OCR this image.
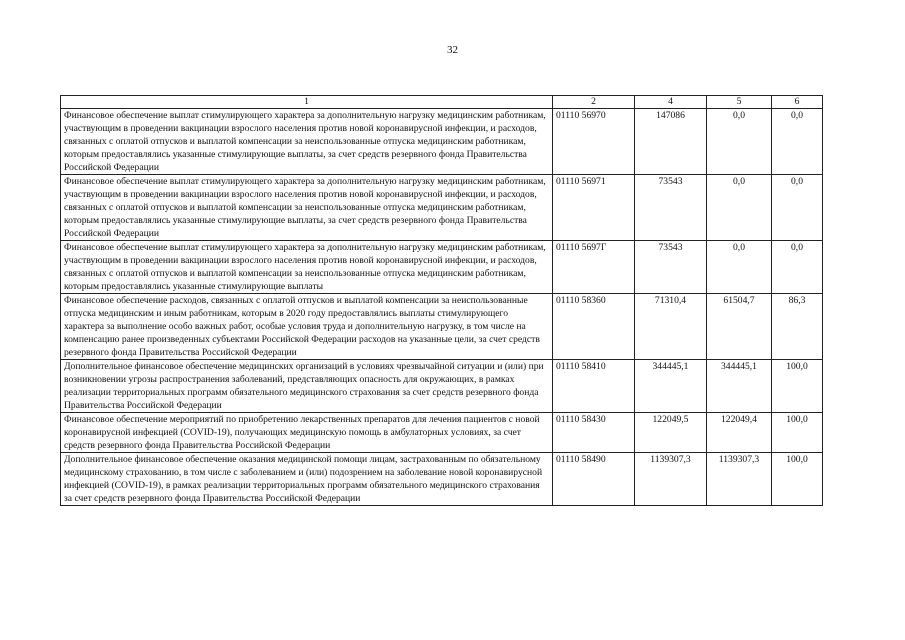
32
1	2	4	5	6
Финансовое обеспечение выплат стимулирующего характера за дополнительную нагрузку медицинским работникам, участвующим в проведении вакцинации взрослого населения против новой коронавирусной инфекции, и расходов, связанных с оплатой отпусков и выплатой компенсации за неиспользованные отпуска медицинским работникам, которым предоставлялись указанные стимулирующие выплаты, за счет средств резервного фонда Правительства Российской Федерации	01110 56970	147086	0,0	0,0
Финансовое обеспечение выплат стимулирующего характера за дополнительную нагрузку медицинским работникам, участвующим в проведении вакцинации взрослого населения против новой коронавирусной инфекции, и расходов, связанных с оплатой отпусков и выплатой компенсации за неиспользованные отпуска медицинским работникам, которым предоставлялись указанные стимулирующие выплаты, за счет средств резервного фонда Правительства Российской Федерации	01110 56971	73543	0,0	0,0
Финансовое обеспечение выплат стимулирующего характера за дополнительную нагрузку медицинским работникам, участвующим в проведении вакцинации взрослого населения против новой коронавирусной инфекции, и расходов, связанных с оплатой отпусков и выплатой компенсации за неиспользованные отпуска медицинским работникам, которым предоставлялись указанные стимулирующие выплаты	01110 5697Г	73543	0,0	0,0
Финансовое обеспечение расходов, связанных с оплатой отпусков и выплатой компенсации за неиспользованные отпуска медицинским и иным работникам, которым в 2020 году предоставлялись выплаты стимулирующего характера за выполнение особо важных работ, особые условия труда и дополнительную нагрузку, в том числе на компенсацию ранее произведенных субъектами Российской Федерации расходов на указанные цели, за счет средств резервного фонда Правительства Российской Федерации	01110 58360	71310,4	61504,7	86,3
Дополнительное финансовое обеспечение медицинских организаций в условиях чрезвычайной ситуации и (или) при возникновении угрозы распространения заболеваний, представляющих опасность для окружающих, в рамках реализации территориальных программ обязательного медицинского страхования за счет средств резервного фонда Правительства Российской Федерации	01110 58410	344445,1	344445,1	100,0
Финансовое обеспечение мероприятий по приобретению лекарственных препаратов для лечения пациентов с новой коронавирусной инфекцией (COVID-19), получающих медицинскую помощь в амбулаторных условиях, за счет средств резервного фонда Правительства Российской Федерации	01110 58430	122049,5	122049,4	100,0
Дополнительное финансовое обеспечение оказания медицинской помощи лицам, застрахованным по обязательному медицинскому страхованию, в том числе с заболеванием и (или) подозрением на заболевание новой коронавирусной инфекцией (COVID-19), в рамках реализации территориальных программ обязательного медицинского страхования за счет средств резервного фонда Правительства Российской Федерации	01110 58490	1139307,3	1139307,3	100,0
